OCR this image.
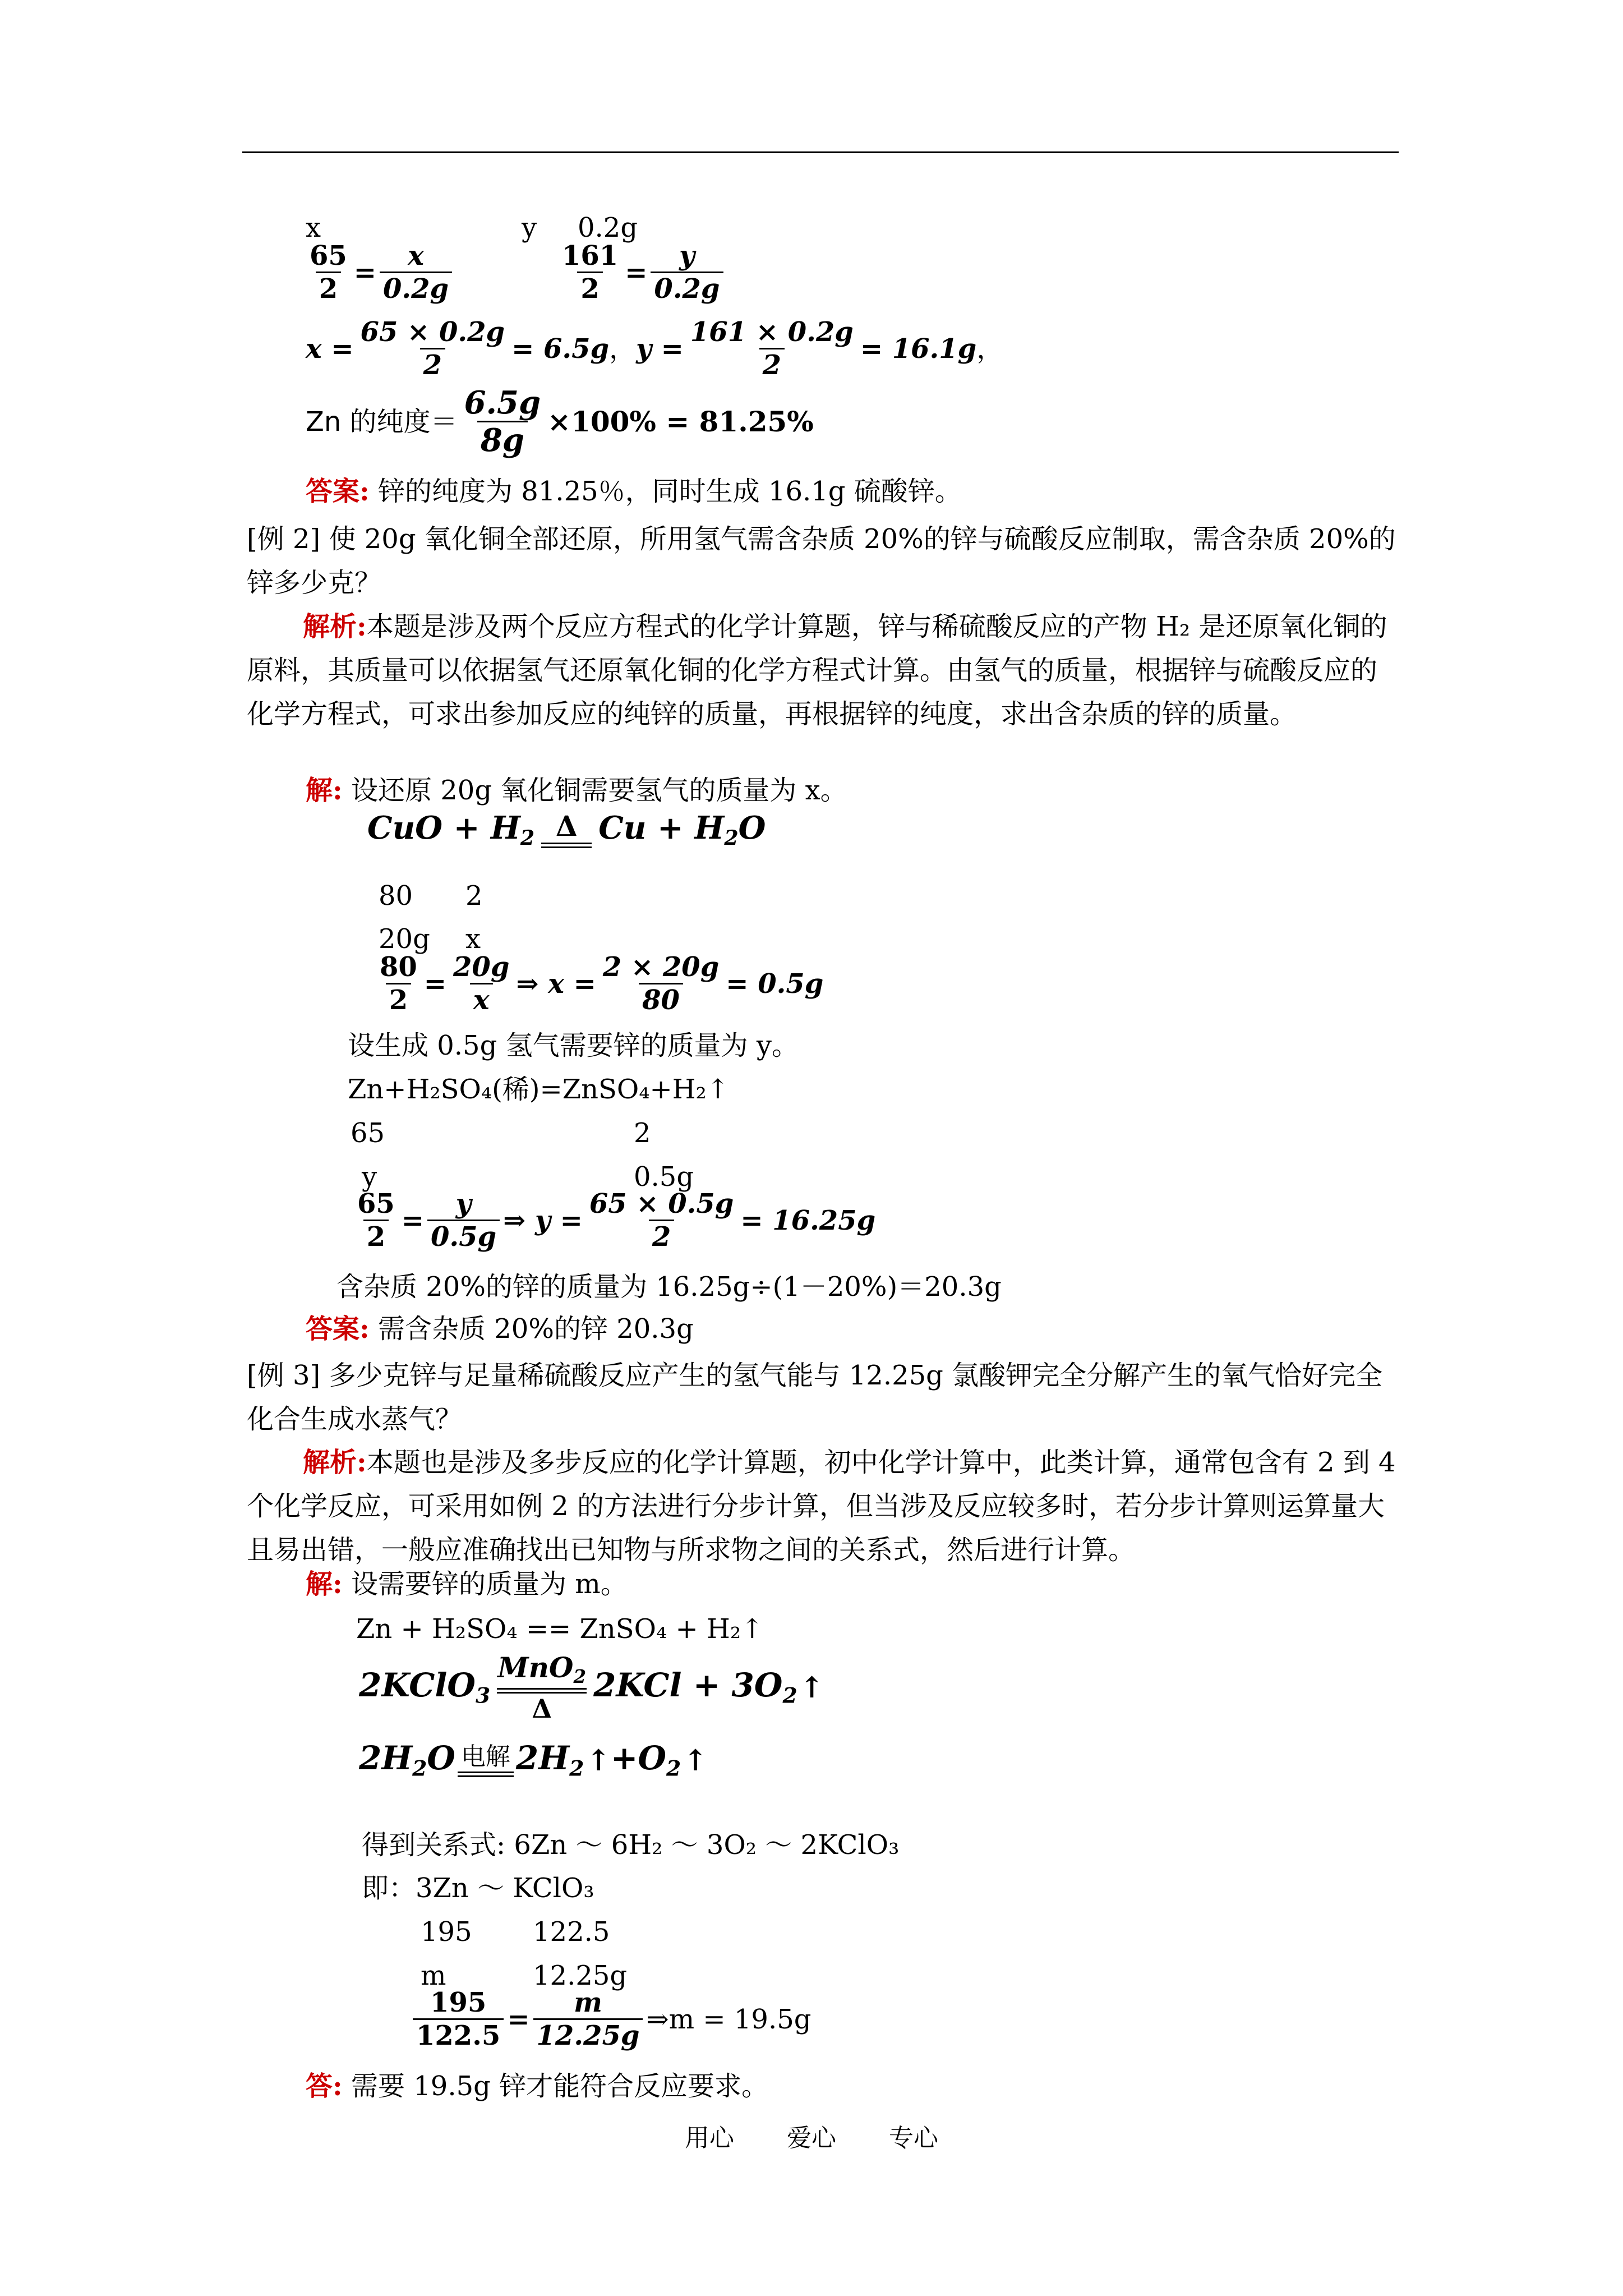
x	y 0.2g
$\frac{65}{2} = \frac{x}{0.2g}$	$\frac{161}{2} = \frac{y}{0.2g}$
$x = \frac{65 \times 0.2g}{2} = 6.5g$ ， $y = \frac{161 \times 0.2g}{2} = 16.1g$ ，
Zn 的纯度＝ $\frac{6.5g}{8g} \times 100\% = 81.25\%$
答案: 锌的纯度为 81.25％，同时生成 16.1g 硫酸锌。
[例 2] 使 20g 氧化铜全部还原，所用氢气需含杂质 20%的锌与硫酸反应制取，需含杂质 20%的锌多少克？
解析:本题是涉及两个反应方程式的化学计算题，锌与稀硫酸反应的产物 H₂ 是还原氧化铜的原料，其质量可以依据氢气还原氧化铜的化学方程式计算。由氢气的质量，根据锌与硫酸反应的化学方程式，可求出参加反应的纯锌的质量，再根据锌的纯度，求出含杂质的锌的质量。
解: 设还原 20g 氧化铜需要氢气的质量为 x。
CuO + $H_2$ Δ $Cu + H_2O$
80 2
20g x
$\frac{80}{2} = \frac{20g}{x}$ ⇒ $x = \frac{2 \times 20g}{80} = 0.5g$
设生成 0.5g 氢气需要锌的质量为 y。
Zn+H₂SO₄(稀)=ZnSO₄+H₂↑
65	2
y	0.5g
$\frac{65}{2} = \frac{y}{0.5g}$ ⇒ $y = \frac{65 \times 0.5g}{2} = 16.25g$
含杂质 20%的锌的质量为 16.25g÷(1－20%)＝20.3g
答案: 需含杂质 20%的锌 20.3g
[例 3] 多少克锌与足量稀硫酸反应产生的氢气能与 12.25g 氯酸钾完全分解产生的氧气恰好完全化合生成水蒸气？
解析:本题也是涉及多步反应的化学计算题，初中化学计算中，此类计算，通常包含有 2 到 4 个化学反应，可采用如例 2 的方法进行分步计算，但当涉及反应较多时，若分步计算则运算量大且易出错，一般应准确找出已知物与所求物之间的关系式，然后进行计算。
解: 设需要锌的质量为 m。
Zn + H₂SO₄ == ZnSO₄ + H₂↑
2KClO$_3$
MnO$_2$
Δ
$2KCl + 3O_2$ ↑
$2H_2O$ 电解 $2H_2$ ↑ $+O_2$ ↑
得到关系式: 6Zn ～ 6H₂ ～ 3O₂ ～ 2KClO₃
即：3Zn ～ KClO₃
195 122.5
m	12.25g
$\frac{195}{122.5} = \frac{m}{12.25g}$ ⇒m = 19.5g
答: 需要 19.5g 锌才能符合反应要求。
用心 爱心 专心
